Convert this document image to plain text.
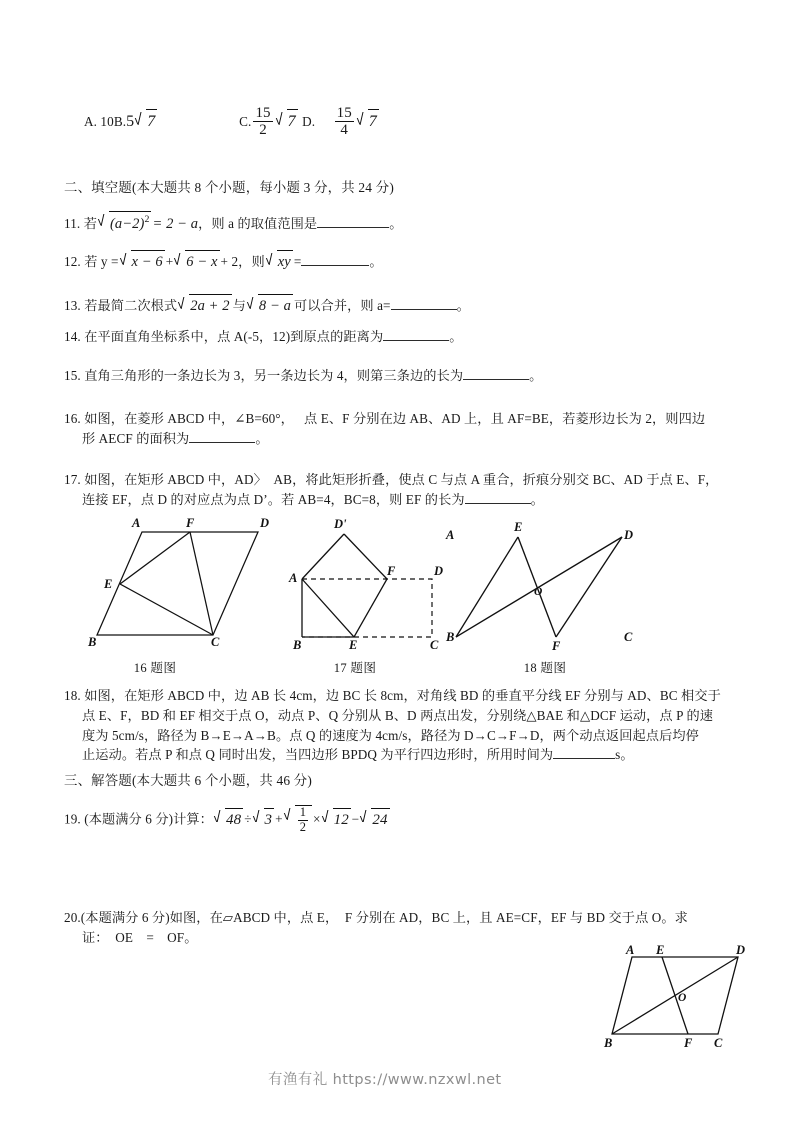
A. 10B.5 7	C. $\frac{15}{2} 7$ D. $\frac{15}{4} 7$
二、填空题(本大题共 8 个小题，每小题 3 分，共 24 分)
11. 若 $(a-2)^2 = 2 - a$，则 a 的取值范围是	。
12. 若 y = x − 6 + 6 − x + 2，则 xy =	。
13. 若最简二次根式 2a + 2 与 8 − a 可以合并，则 a=	。
14. 在平面直角坐标系中，点 A(-5，12)到原点的距离为	。
15. 直角三角形的一条边长为 3，另一条边长为 4，则第三条边的长为	。
16. 如图，在菱形 ABCD 中，∠B=60°，　 点 E、F 分别在边 AB、AD 上，且 AF=BE，若菱形边长为 2，则四边
形 AECF 的面积为	。
17. 如图，在矩形 ABCD 中，AD〉　AB，将此矩形折叠，使点 C 与点 A 重合，折痕分别交 BC、AD 于点 E、F，
连接 EF，点 D 的对应点为点 D’。若 AB=4，BC=8，则 EF 的长为	。
A	F	D
E
B	C
16 题图
D'
A	F	D
B	E	C
17 题图
A
E
D
O
B
F
C
18 题图
18. 如图，在矩形 ABCD 中，边 AB 长 4cm，边 BC 长 8cm，对角线 BD 的垂直平分线 EF 分别与 AD、BC 相交于
点 E、F，BD 和 EF 相交于点 O，动点 P、Q 分别从 B、D 两点出发，分别绕△BAE 和△DCF 运动，点 P 的速
度为 5cm/s，路径为 B→E→A→B。点 Q 的速度为 4cm/s，路径为 D→C→F→D，两个动点返回起点后均停
止运动。若点 P 和点 Q 同时出发，当四边形 BPDQ 为平行四边形时，所用时间为	s。
三、解答题(本大题共 6 个小题，共 46 分)
19. (本题满分 6 分)计算： $48 \div 3 + \frac{1}{2} \times 12 - 24$
20.(本题满分 6 分)如图，在▱ABCD 中，点 E，　F 分别在 AD，BC 上，且 AE=CF，EF 与 BD 交于点 O。求
证：　OE　=　OF。
A E	D
O
B	F C
有渔有礼 https://www.nzxwl.net
